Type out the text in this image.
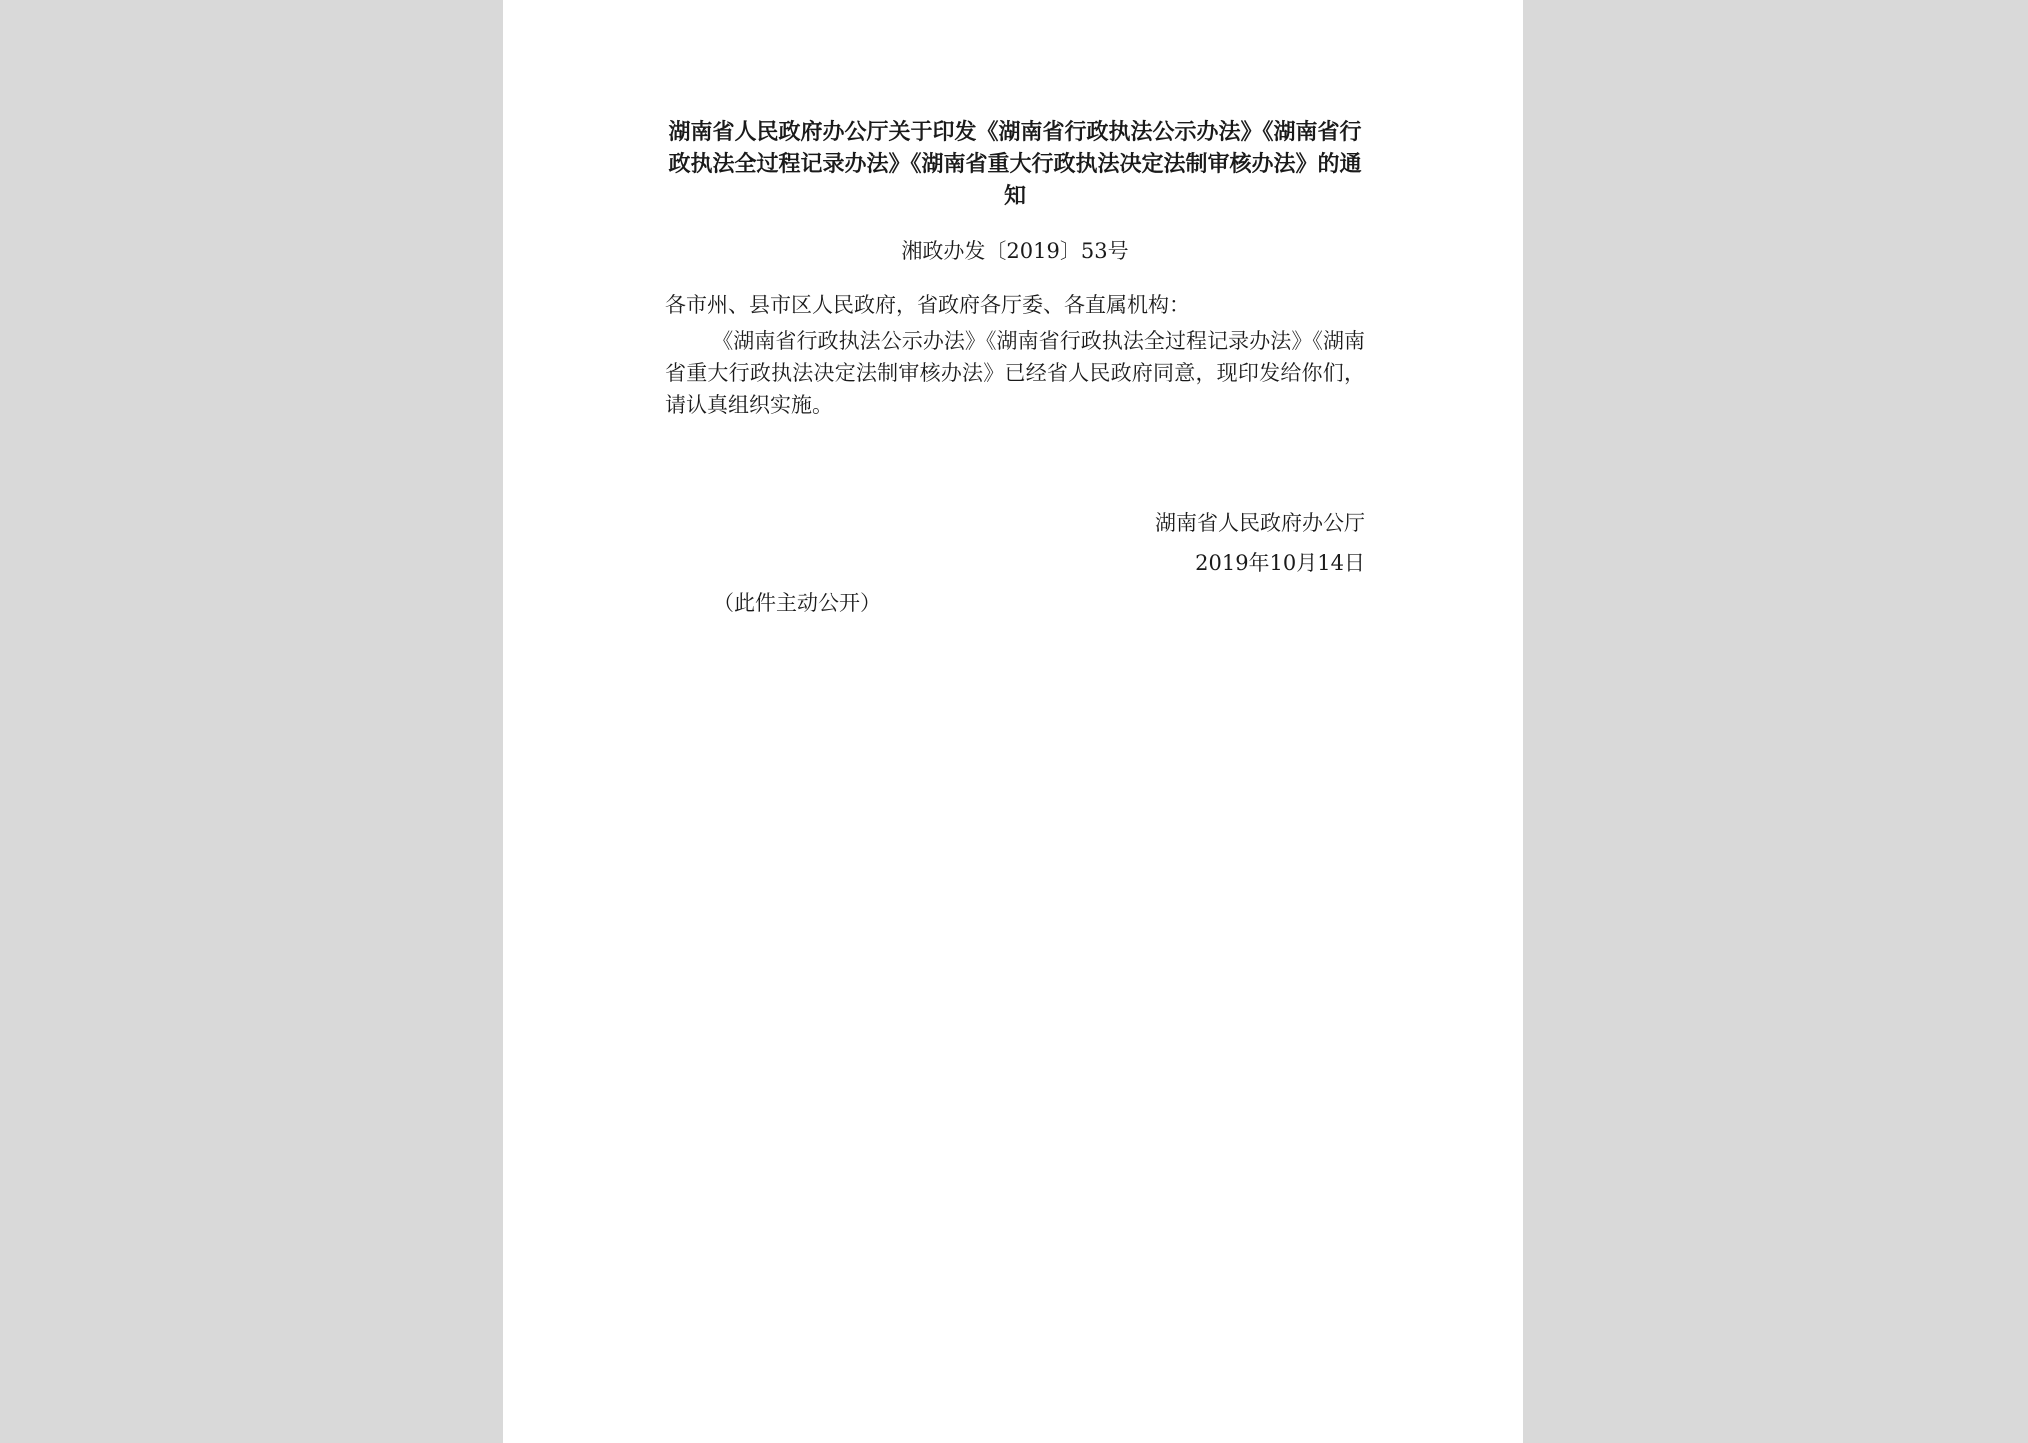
湖南省人民政府办公厅关于印发《湖南省行政执法公示办法》《湖南省行政执法全过程记录办法》《湖南省重大行政执法决定法制审核办法》的通知
湘政办发〔2019〕53号
各市州、县市区人民政府，省政府各厅委、各直属机构：

《湖南省行政执法公示办法》《湖南省行政执法全过程记录办法》《湖南省重大行政执法决定法制审核办法》已经省人民政府同意，现印发给你们，请认真组织实施。

湖南省人民政府办公厅
2019年10月14日
（此件主动公开）
